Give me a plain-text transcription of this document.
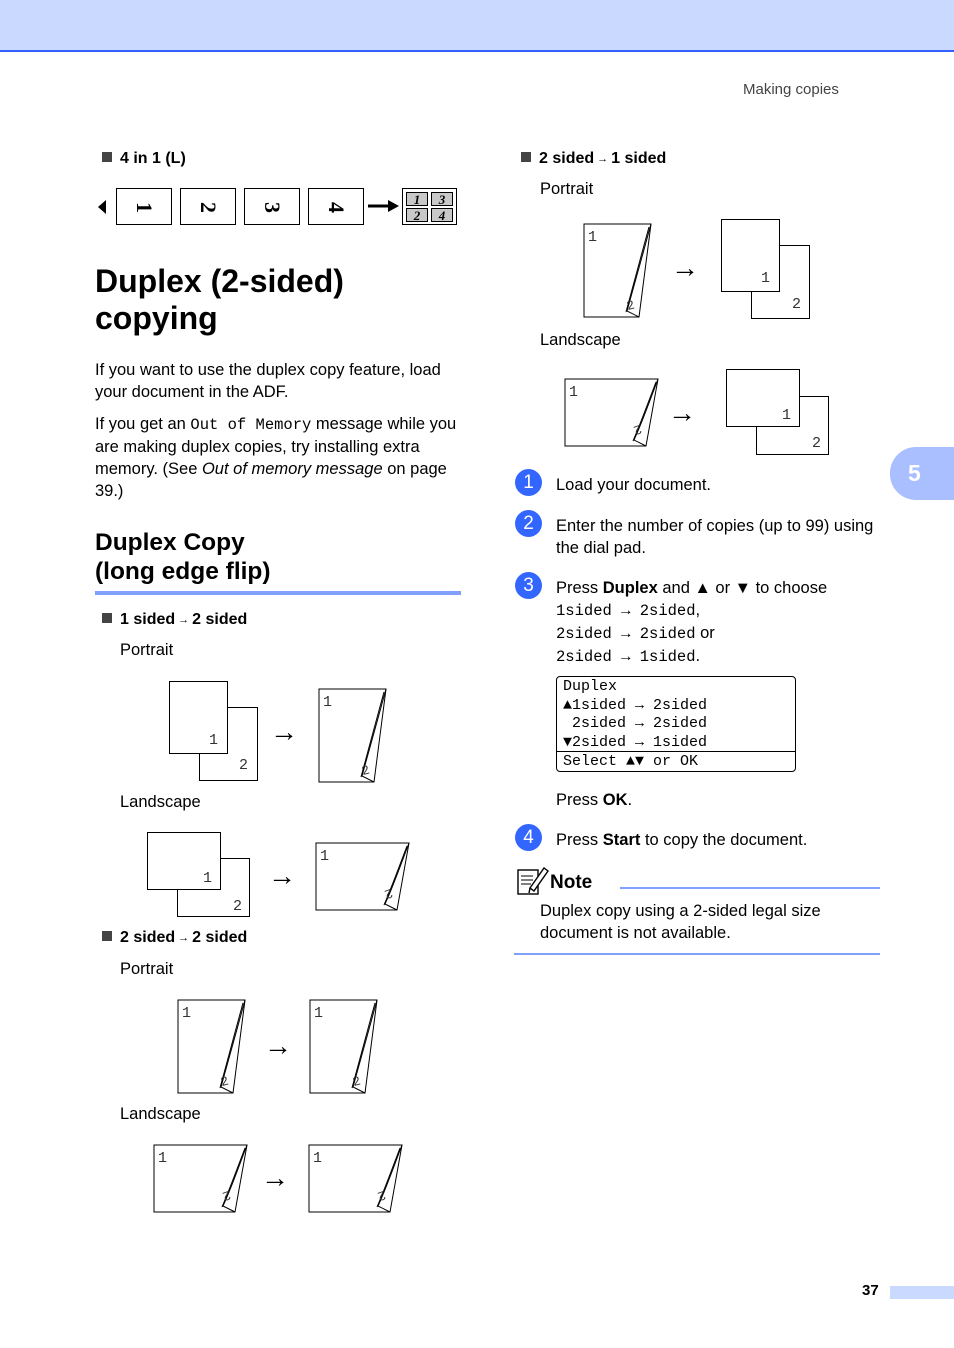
Making copies
4 in 1 (L)
1	2	3	4
1	3
2	4
Duplex (2-sided)
copying
If you want to use the duplex copy feature, load your document in the ADF.
If you get an Out of Memory message while you are making duplex copies, try installing extra memory. (See Out of memory message on page 39.)
Duplex Copy
(long edge flip)
1 sided → 2 sided
Portrait
2
1 →
1
2
Landscape
2
1 →
1
2
2 sided → 2 sided
Portrait
1
2
→
1
2
Landscape
1
2
→
1
2
2 sided → 1 sided
Portrait
1
2
→
2
1
Landscape
1
2
→
2
1
5
1	Load your document.
2	Enter the number of copies (up to 99) using the dial pad.
3	Press Duplex and ▲ or ▼ to choose
1sided → 2sided,
2sided → 2sided or
2sided → 1sided.
Duplex
▲1sided → 2sided
2sided → 2sided
▼2sided → 1sided
Select ▲▼ or OK
Press OK.
4	Press Start to copy the document.
Note
Duplex copy using a 2-sided legal size document is not available.
37
